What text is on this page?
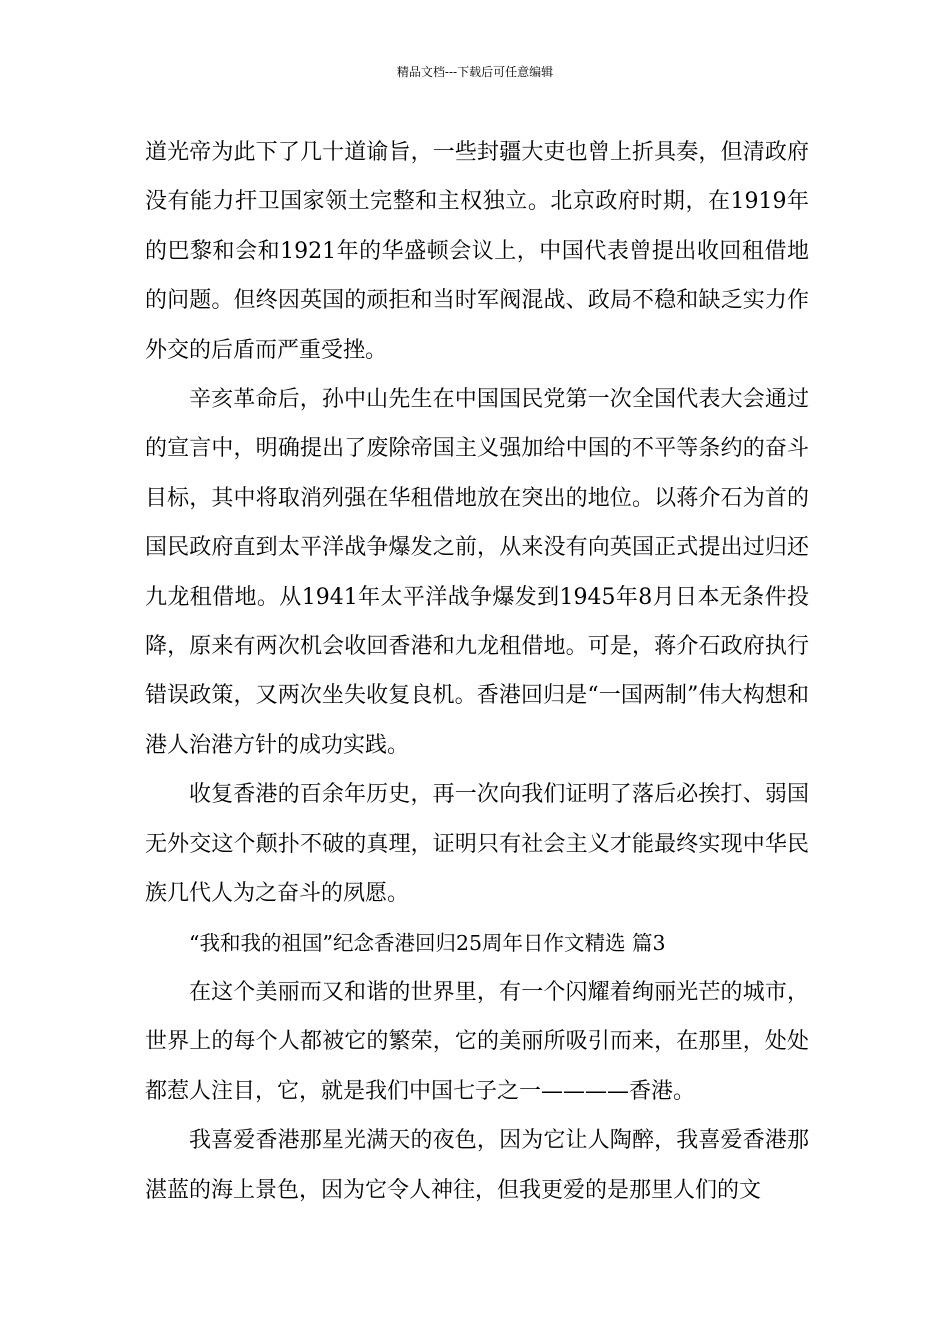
精品文档---下载后可任意编辑

道光帝为此下了几十道谕旨，一些封疆大吏也曾上折具奏，但清政府没有能力扞卫国家领土完整和主权独立。北京政府时期，在1919年的巴黎和会和1921年的华盛顿会议上，中国代表曾提出收回租借地的问题。但终因英国的顽拒和当时军阀混战、政局不稳和缺乏实力作外交的后盾而严重受挫。

辛亥革命后，孙中山先生在中国国民党第一次全国代表大会通过的宣言中，明确提出了废除帝国主义强加给中国的不平等条约的奋斗目标，其中将取消列强在华租借地放在突出的地位。以蒋介石为首的国民政府直到太平洋战争爆发之前，从来没有向英国正式提出过归还九龙租借地。从1941年太平洋战争爆发到1945年8月日本无条件投降，原来有两次机会收回香港和九龙租借地。可是，蒋介石政府执行错误政策，又两次坐失收复良机。香港回归是“一国两制”伟大构想和港人治港方针的成功实践。

收复香港的百余年历史，再一次向我们证明了落后必挨打、弱国无外交这个颠扑不破的真理，证明只有社会主义才能最终实现中华民族几代人为之奋斗的夙愿。

“我和我的祖国”纪念香港回归25周年日作文精选 篇3

在这个美丽而又和谐的世界里，有一个闪耀着绚丽光芒的城市，世界上的每个人都被它的繁荣，它的美丽所吸引而来，在那里，处处都惹人注目，它，就是我们中国七子之一————香港。

我喜爱香港那星光满天的夜色，因为它让人陶醉，我喜爱香港那湛蓝的海上景色，因为它令人神往，但我更爱的是那里人们的文
